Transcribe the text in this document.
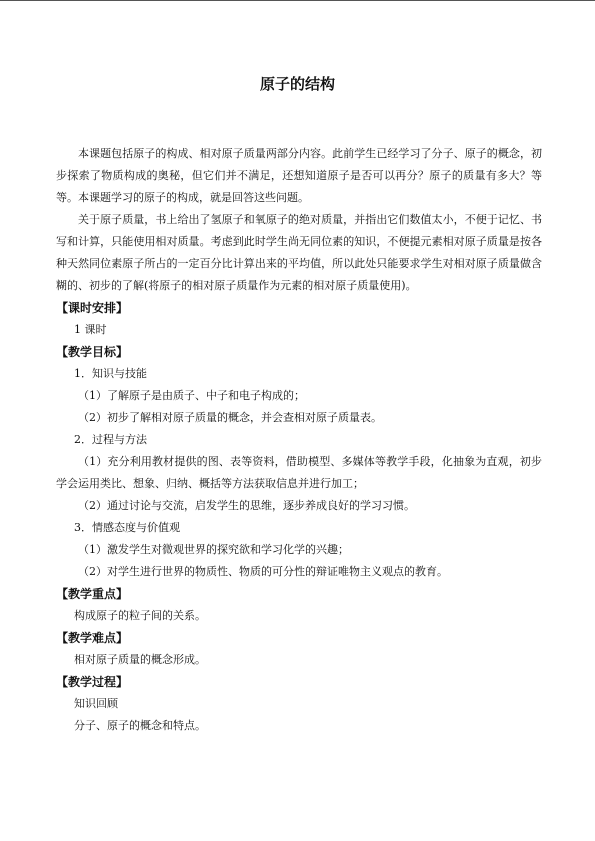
原子的结构

本课题包括原子的构成、相对原子质量两部分内容。此前学生已经学习了分子、原子的概念，初步探索了物质构成的奥秘，但它们并不满足，还想知道原子是否可以再分？原子的质量有多大？等等。本课题学习的原子的构成，就是回答这些问题。

关于原子质量，书上给出了氢原子和氧原子的绝对质量，并指出它们数值太小，不便于记忆、书写和计算，只能使用相对质量。考虑到此时学生尚无同位素的知识，不便提元素相对原子质量是按各种天然同位素原子所占的一定百分比计算出来的平均值，所以此处只能要求学生对相对原子质量做含糊的、初步的了解(将原子的相对原子质量作为元素的相对原子质量使用)。

【课时安排】

1 课时

【教学目标】

1．知识与技能

（1）了解原子是由质子、中子和电子构成的；

（2）初步了解相对原子质量的概念，并会查相对原子质量表。

2．过程与方法

（1）充分利用教材提供的图、表等资料，借助模型、多媒体等教学手段，化抽象为直观，初步学会运用类比、想象、归纳、概括等方法获取信息并进行加工；

（2）通过讨论与交流，启发学生的思维，逐步养成良好的学习习惯。

3．情感态度与价值观

（1）激发学生对微观世界的探究欲和学习化学的兴趣；

（2）对学生进行世界的物质性、物质的可分性的辩证唯物主义观点的教育。

【教学重点】

构成原子的粒子间的关系。

【教学难点】

相对原子质量的概念形成。

【教学过程】

知识回顾

分子、原子的概念和特点。
